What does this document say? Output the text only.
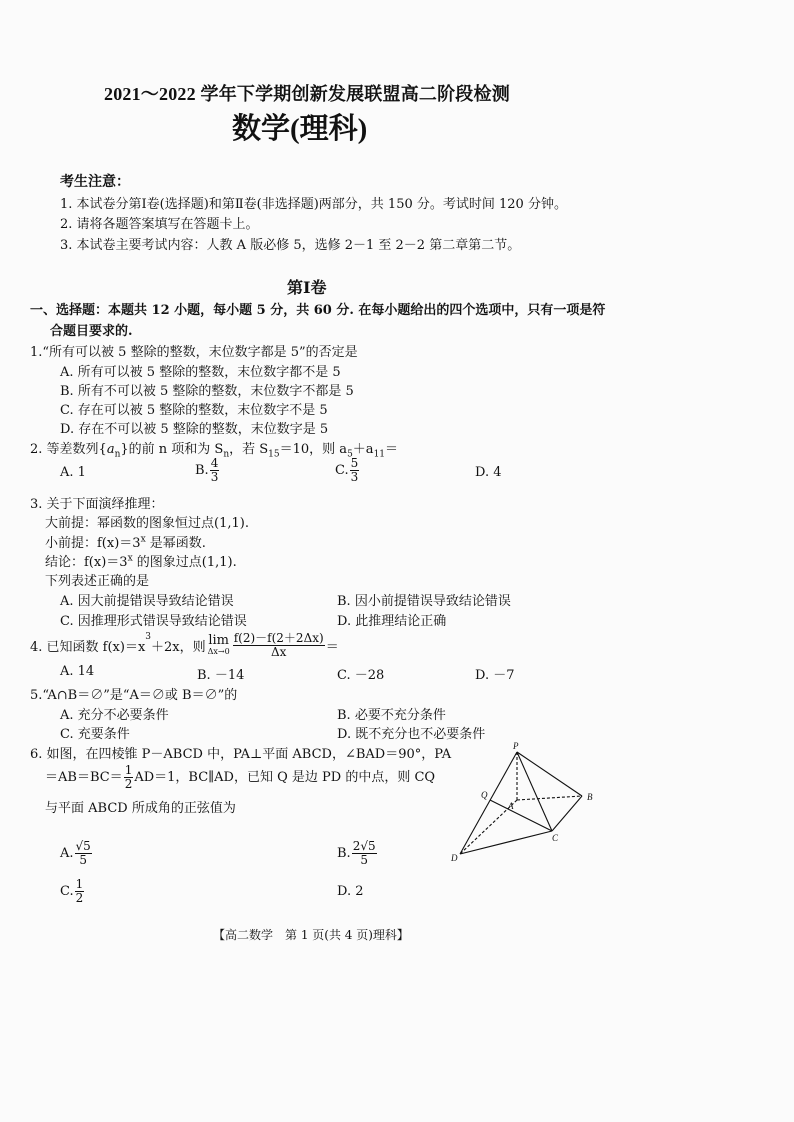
2021～2022 学年下学期创新发展联盟高二阶段检测
数学(理科)
考生注意：
1. 本试卷分第Ⅰ卷(选择题)和第Ⅱ卷(非选择题)两部分，共 150 分。考试时间 120 分钟。
2. 请将各题答案填写在答题卡上。
3. 本试卷主要考试内容：人教 A 版必修 5，选修 2－1 至 2－2 第二章第二节。
第Ⅰ卷
一、选择题：本题共 12 小题，每小题 5 分，共 60 分. 在每小题给出的四个选项中，只有一项是符
合题目要求的.
1.“所有可以被 5 整除的整数，末位数字都是 5”的否定是
A. 所有可以被 5 整除的整数，末位数字都不是 5
B. 所有不可以被 5 整除的整数，末位数字不都是 5
C. 存在可以被 5 整除的整数，末位数字不是 5
D. 存在不可以被 5 整除的整数，末位数字是 5
2. 等差数列$\{a_n\}$的前 n 项和为 $S_n$，若 $S_{15}=10$，则 $a_5+a_{11}=$
A. 1	B. $\frac{4}{3}$	C. $\frac{5}{3}$	D. 4
3. 关于下面演绎推理：
大前提：幂函数的图象恒过点(1,1).
小前提：$f(x)=3^x$ 是幂函数.
结论：$f(x)=3^x$ 的图象过点(1,1).
下列表述正确的是
A. 因大前提错误导致结论错误	B. 因小前提错误导致结论错误
C. 因推理形式错误导致结论错误	D. 此推理结论正确
4. 已知函数 f(x)＝x
$^3$
＋2x，则 lim
$\Delta x\to 0 \frac{f(2)-f(2+2\Delta x)}{\Delta x}$ ＝
A. 14	B. －14	C. －28	D. －7
5.“A∩B＝∅”是“A＝∅或 B＝∅”的
A. 充分不必要条件	B. 必要不充分条件
C. 充要条件	D. 既不充分也不必要条件
6. 如图，在四棱锥 P－ABCD 中，PA⊥平面 ABCD，∠BAD＝90°，PA
$=AB=BC= \frac{1}{2} AD=1$，BC∥AD，已知 Q 是边 PD 的中点，则 CQ
与平面 ABCD 所成角的正弦值为
A. $\frac{√5}{5}$	B. $\frac{2√5}{5}$
C. $\frac{1}{2}$	D. 2
P
Q
A
B
C
D
【高二数学　第 1 页(共 4 页)理科】
